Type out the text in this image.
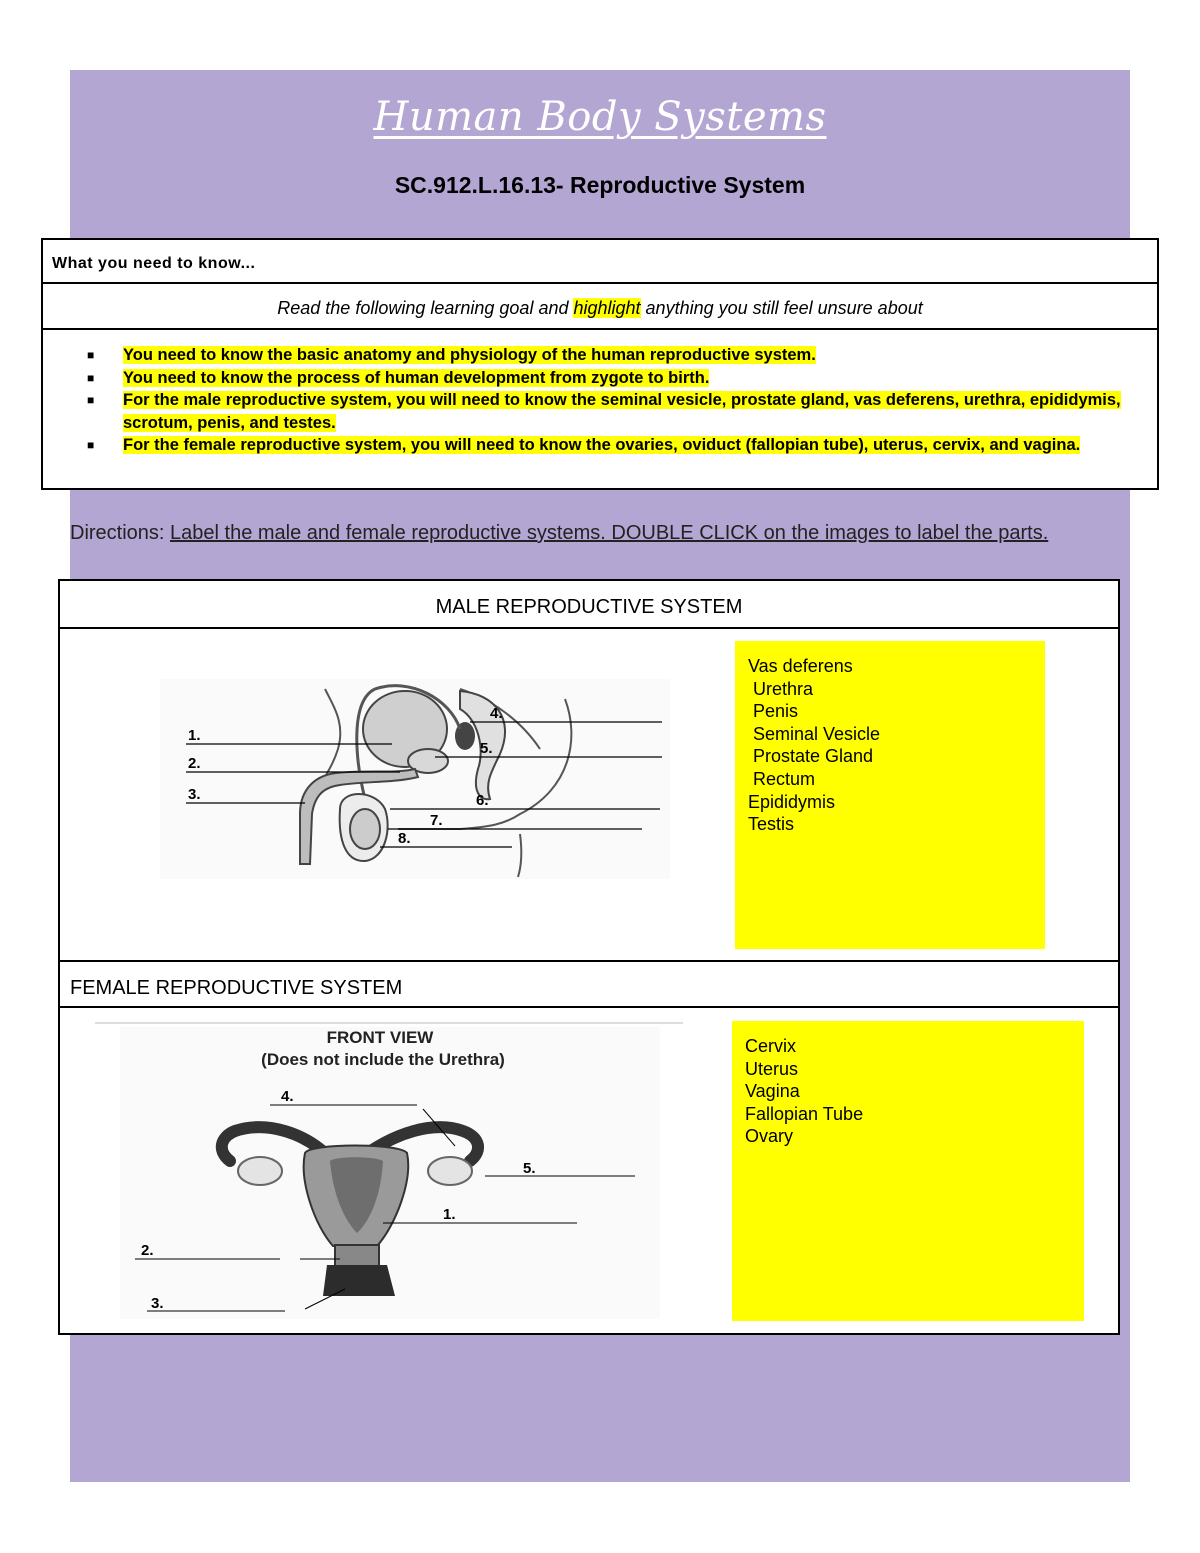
Human Body Systems
SC.912.L.16.13- Reproductive System
What you need to know...
Read the following learning goal and highlight anything you still feel unsure about
■ You need to know the basic anatomy and physiology of the human reproductive system.
■ You need to know the process of human development from zygote to birth.
■ For the male reproductive system, you will need to know the seminal vesicle, prostate gland, vas deferens, urethra, epididymis, scrotum, penis, and testes.
■ For the female reproductive system, you will need to know the ovaries, oviduct (fallopian tube), uterus, cervix, and vagina.
Directions: Label the male and female reproductive systems. DOUBLE CLICK on the images to label the parts.
MALE REPRODUCTIVE SYSTEM
1.
2.
3.
4.
5.
6.
7.
8.
Vas deferens
Urethra
Penis
Seminal Vesicle
Prostate Gland
Rectum
Epididymis
Testis
FEMALE REPRODUCTIVE SYSTEM
FRONT VIEW
(Does not include the Urethra)
4.
5.
1.
2.
3.
Cervix
Uterus
Vagina
Fallopian Tube
Ovary
